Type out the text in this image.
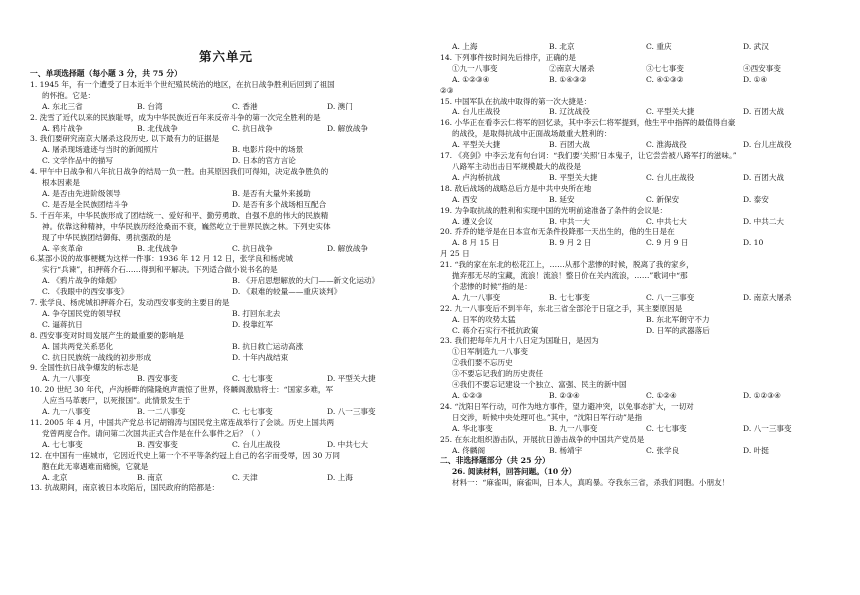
第六单元
一、单项选择题（每小题 3 分，共 75 分）
1. 1945 年，有一个遭受了日本近半个世纪殖民统治的地区，在抗日战争胜利后回到了祖国
的怀抱。它是：
A. 东北三省	B. 台湾	C. 香港	D. 澳门
2. 洗雪了近代以来的民族耻辱，成为中华民族近百年来反帝斗争的第一次完全胜利的是
A. 鸦片战争	B. 北伐战争	C. 抗日战争	D. 解放战争
3. 我们要研究南京大屠杀这段历史, 以下最有力的证据是
A. 屠杀现场遗迹与当时的新闻照片	B. 电影片段中的场景
C. 文学作品中的描写	D. 日本的官方言论
4. 甲午中日战争和八年抗日战争的结局一负一胜。由其原因我们可得知，决定战争胜负的
根本因素是
A. 是否由先进阶级领导	B. 是否有大量外来援助
C. 是否是全民族团结斗争	D. 是否有多个战场相互配合
5. 千百年来，中华民族形成了团结统一、爱好和平、勤劳勇敢、自强不息的伟大的民族精
神。依靠这种精神，中华民族历经沧桑而不衰，巍然屹立于世界民族之林。下列史实体
现了中华民族团结御侮、勇抗强敌的是
A. 辛亥革命	B. 北伐战争	C. 抗日战争	D. 解放战争
6.某部小说的故事梗概为这样一件事：1936 年 12 月 12 日，张学良和杨虎城
实行“兵谏”，扣押蒋介石……得到和平解决。下列适合做小说书名的是
A. 《鸦片战争的烽烟》	B. 《开启思想解放的大门——新文化运动》
C. 《我眼中的西安事变》	D. 《艰难的较量——重庆谈判》
7. 张学良、杨虎城扣押蒋介石，发动西安事变的主要目的是
A. 争夺国民党的领导权	B. 打回东北去
C. 逼蒋抗日	D. 投靠红军
8. 西安事变对时局发展产生的最重要的影响是
A. 国共两党关系恶化	B. 抗日救亡运动高涨
C. 抗日民族统一战线的初步形成	D. 十年内战结束
9. 全国性抗日战争爆发的标志是
A. 九一八事变	B. 西安事变	C. 七七事变	D. 平型关大捷
10. 20 世纪 30 年代，卢沟桥畔的隆隆炮声震惊了世界，佟麟阁激励将士：“国家多难，军
人应当马革裹尸，以死报国”。此情景发生于
A. 九一八事变	B. 一二八事变	C. 七七事变	D. 八一三事变
11. 2005 年 4 月，中国共产党总书记胡锦涛与国民党主席连战举行了会谈。历史上国共两
党曾两度合作。请问第二次国共正式合作是在什么事件之后？（ ）
A. 七七事变	B. 西安事变	C. 台儿庄战役	D. 中共七大
12. 在中国有一座城市，它因近代史上第一个不平等条约冠上自己的名字而受辱，因 30 万同
胞在此无辜遇难而痛惋，它就是
A. 北京	B. 南京	C. 天津	D. 上海
13. 抗战期间，南京被日本攻陷后，国民政府的陪都是：
A. 上海	B. 北京	C. 重庆	D. 武汉
14. 下列事件按时间先后排序，正确的是
①九一八事变	②南京大屠杀	③七七事变	④西安事变
A. ①②③④	B. ①④③②	C. ④①③②	D. ①④
②③
15. 中国军队在抗战中取得的第一次大捷是：
A. 台儿庄战役	B. 辽沈战役	C. 平型关大捷	D. 百团大战
16. 小华正在看李云仁将军的回忆录，其中李云仁将军提到，他生平中指挥的最值得自豪
的战役，是取得抗战中正面战场最重大胜利的：
A. 平型关大捷	B. 百团大战	C. 淮海战役	D. 台儿庄战役
17. 《亮剑》中李云龙有句台词：“我们要‘关照’日本鬼子，让它尝尝被八路军打的滋味。”
八路军主动出击日军规模最大的战役是
A. 卢沟桥抗战	B. 平型关大捷	C. 台儿庄战役	D. 百团大战
18. 敌后战场的战略总后方是中共中央所在地
A. 西安	B. 延安	C. 新保安	D. 泰安
19. 为争取抗战的胜利和实现中国的光明前途准备了条件的会议是：
A. 遵义会议	B. 中共一大	C. 中共七大	D. 中共二大
20. 乔乔的姥爷是在日本宣布无条件投降那一天出生的，他的生日是在
A. 8 月 15 日	B. 9 月 2 日	C. 9 月 9 日	D. 10
月 25 日
21. “我的家在东北的松花江上，……从那个悲惨的时候，脱离了我的家乡，
抛弃那无尽的宝藏，流浪！流浪！整日价在关内流浪，……”歌词中“那
个悲惨的时候”指的是：
A. 九一八事变	B. 七七事变	C. 八一三事变	D. 南京大屠杀
22. 九一八事变后不到半年，东北三省全部沦于日寇之手，其主要原因是
A. 日军的攻势太猛	B. 东北军朗守不力
C. 蒋介石实行不抵抗政策	D. 日军的武器落后
23. 我们把每年九月十八日定为国耻日，是因为
①日军制造九一八事变
②我们要不忘历史
③不要忘记我们的历史责任
④我们不要忘记建设一个独立、富强、民主的新中国
A. ①②③	B. ②③④	C. ①②④	D. ①②③④
24. “沈阳日军行动，可作为地方事件，望力避冲突，以免事态扩大，一切对
日交涉，听候中央处理可也。”其中，“沈阳日军行动”是指
A. 华北事变	B. 九一八事变	C. 七七事变	D. 八一三事变
25. 在东北组织游击队，开展抗日游击战争的中国共产党员是
A. 佟麟阁	B. 杨靖宇	C. 张学良	D. 叶挺
二、非选择题部分（共 25 分）
26. 阅读材料，回答问题。（10 分）
材料一：“麻雀叫，麻雀叫，日本人，真呜暴。夺我东三省，杀我们同胞。小朋友！
